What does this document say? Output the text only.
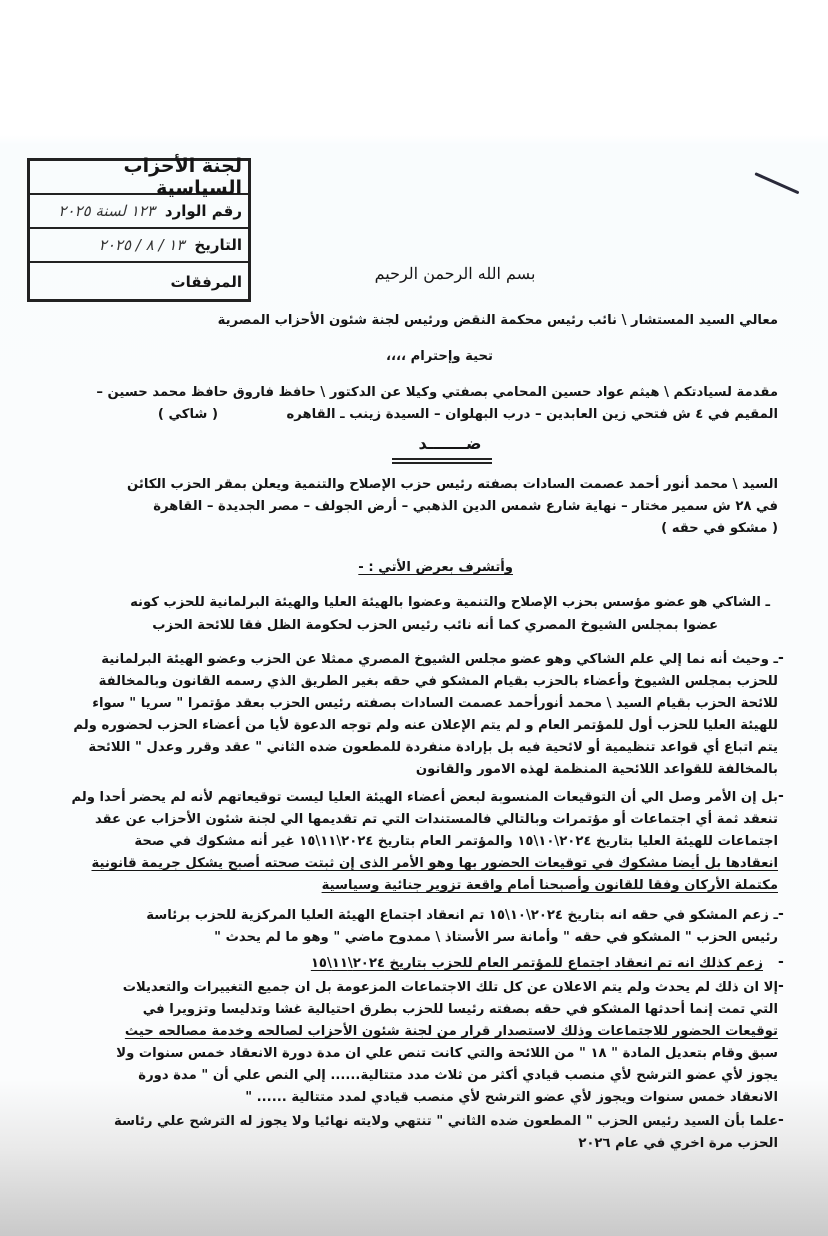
لجنة الأحزاب السياسية
رقم الوارد
١٢٣ لسنة ٢٠٢٥
التاريخ
١٣ / ٨ / ٢٠٢٥
المرفقات	بسم الله الرحمن الرحيم
معالي السيد المستشار \ نائب رئيس محكمة النقض ورئيس لجنة شئون الأحزاب المصرية
تحية وإحترام ،،،،
مقدمة لسيادتكم \ هيثم عواد حسين المحامي بصفتي وكيلا عن الدكتور \ حافظ فاروق حافظ محمد حسين –
المقيم في ٤ ش فتحي زين العابدين – درب البهلوان – السيدة زينب ـ القاهره
( شاكي )
ضـــــــد
السيد \ محمد أنور أحمد عصمت السادات بصفته رئيس حزب الإصلاح والتنمية ويعلن بمقر الحزب الكائن
في ٢٨ ش سمير مختار – نهاية شارع شمس الدين الذهبي – أرض الجولف – مصر الجديدة – القاهرة
( مشكو في حقه )
وأتشرف بعرض الأتي : -
ـ الشاكي هو عضو مؤسس بحزب الإصلاح والتنمية وعضوا بالهيئة العليا والهيئة البرلمانية للحزب كونه
عضوا بمجلس الشيوخ المصري كما أنه نائب رئيس الحزب لحكومة الظل فقا للائحة الحزب
-
ـ وحيث أنه نما إلي علم الشاكي وهو عضو مجلس الشيوخ المصري ممثلا عن الحزب وعضو الهيئة البرلمانية
للحزب بمجلس الشيوخ وأعضاء بالحزب بقيام المشكو في حقه بغير الطريق الذي رسمه القانون وبالمخالفة
للائحة الحزب بقيام السيد \ محمد أنورأحمد عصمت السادات بصفته رئيس الحزب بعقد مؤتمرا " سريا " سواء
للهيئة العليا للحزب أول للمؤتمر العام و لم يتم الإعلان عنه ولم توجه الدعوة لأيا من أعضاء الحزب لحضوره ولم
يتم اتباع أي قواعد تنظيمية أو لائحية فيه بل بإرادة منفردة للمطعون ضده الثاني " عقد وقرر وعدل " اللائحة
بالمخالفة للقواعد اللائحية المنظمة لهذه الامور والقانون
-
بل إن الأمر وصل الي أن التوقيعات المنسوبة لبعض أعضاء الهيئة العليا ليست توقيعاتهم لأنه لم يحضر أحدا ولم
تنعقد ثمة أي اجتماعات أو مؤتمرات وبالتالي فالمستندات التي تم تقديمها الي لجنة شئون الأحزاب عن عقد
اجتماعات للهيئة العليا بتاريخ ٢٠٢٤\١٠\١٥ والمؤتمر العام بتاريخ ٢٠٢٤\١١\١٥ غير أنه مشكوك في صحة
انعقادها بل أيضا مشكوك في توقيعات الحضور بها وهو الأمر الذى إن ثبتت صحته أصبح يشكل جريمة قانونية
مكتملة الأركان وفقا للقانون وأصبحنا أمام واقعة تزوير جنائية وسياسية
-
ـ زعم المشكو في حقه انه بتاريخ ٢٠٢٤\١٠\١٥ تم انعقاد اجتماع الهيئة العليا المركزية للحزب برئاسة
رئيس الحزب " المشكو في حقه " وأمانة سر الأستاذ \ ممدوح ماضي " وهو ما لم يحدث "
-
زعم كذلك انه تم انعقاد اجتماع للمؤتمر العام للحزب بتاريخ ٢٠٢٤\١١\١٥
-
إلا ان ذلك لم يحدث ولم يتم الاعلان عن كل تلك الاجتماعات المزعومة بل ان جميع التغييرات والتعديلات
التي تمت إنما أحدثها المشكو في حقه بصفته رئيسا للحزب بطرق احتيالية غشا وتدليسا وتزويرا في
توقيعات الحضور للاجتماعات وذلك لاستصدار قرار من لجنة شئون الأحزاب لصالحه وخدمة مصالحه حيث
سبق وقام بتعديل المادة " ١٨ " من اللائحة والتي كانت تنص علي ان مدة دورة الانعقاد خمس سنوات ولا
يجوز لأي عضو الترشح لأي منصب قيادي أكثر من ثلاث مدد متتالية...... إلي النص علي أن " مدة دورة
الانعقاد خمس سنوات ويجوز لأي عضو الترشح لأي منصب قيادي لمدد متتالية ...... "
-
علما بأن السيد رئيس الحزب " المطعون ضده الثاني " تنتهي ولايته نهائيا ولا يجوز له الترشح علي رئاسة
الحزب مرة اخري في عام ٢٠٢٦
